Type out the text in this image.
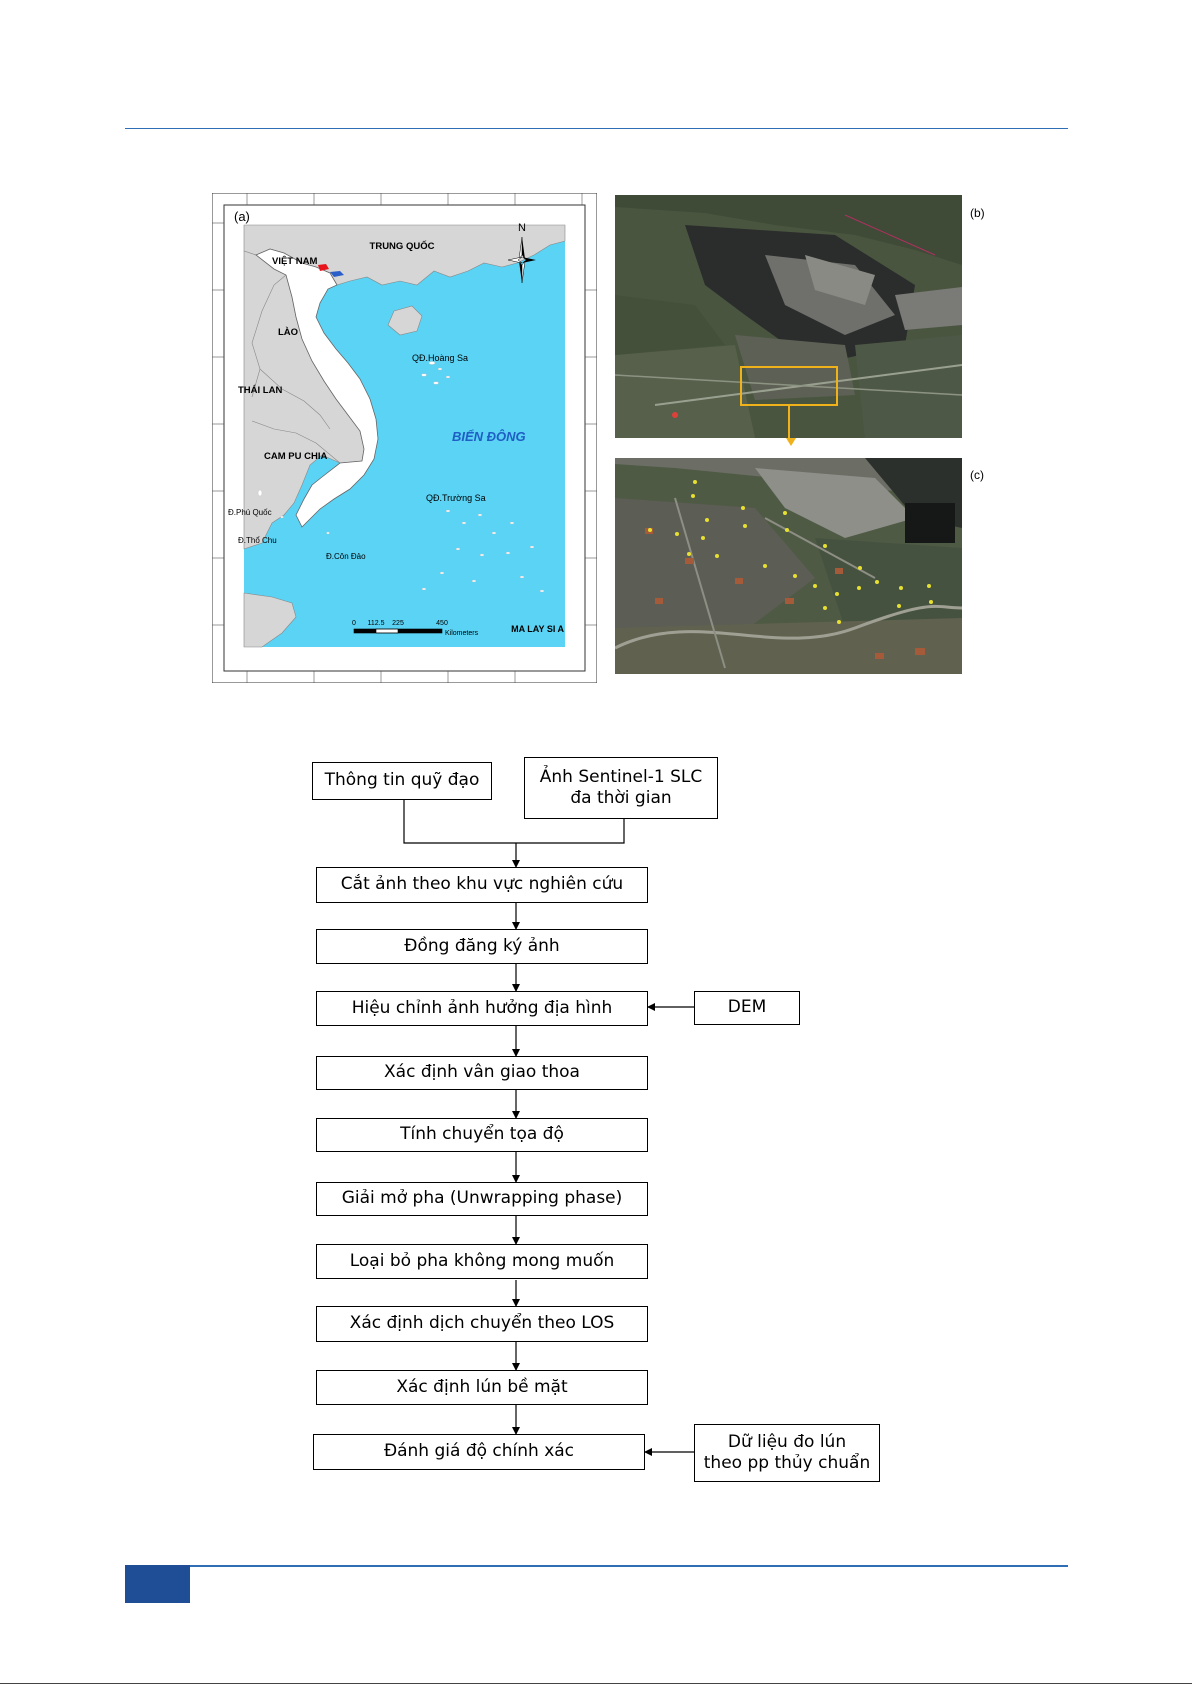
N
(a)
TRUNG QUỐC
VIỆT NAM
LÀO
THÁI LAN
CAM PU CHIA
BIỂN ĐÔNG
QĐ.Hoàng Sa
QĐ.Trường Sa
Đ.Phú Quốc
Đ.Thổ Chu
Đ.Côn Đảo
MA LAY SI A
0 112.5 225	450
Kilometers
(b)
(c)
Thông tin quỹ đạo	Ảnh Sentinel-1 SLC
đa thời gian
Cắt ảnh theo khu vực nghiên cứu
Đồng đăng ký ảnh
Hiệu chỉnh ảnh hưởng địa hình	DEM
Xác định vân giao thoa
Tính chuyển tọa độ
Giải mở pha (Unwrapping phase)
Loại bỏ pha không mong muốn
Xác định dịch chuyển theo LOS
Xác định lún bề mặt
Đánh giá độ chính xác	Dữ liệu đo lún
theo pp thủy chuẩn
